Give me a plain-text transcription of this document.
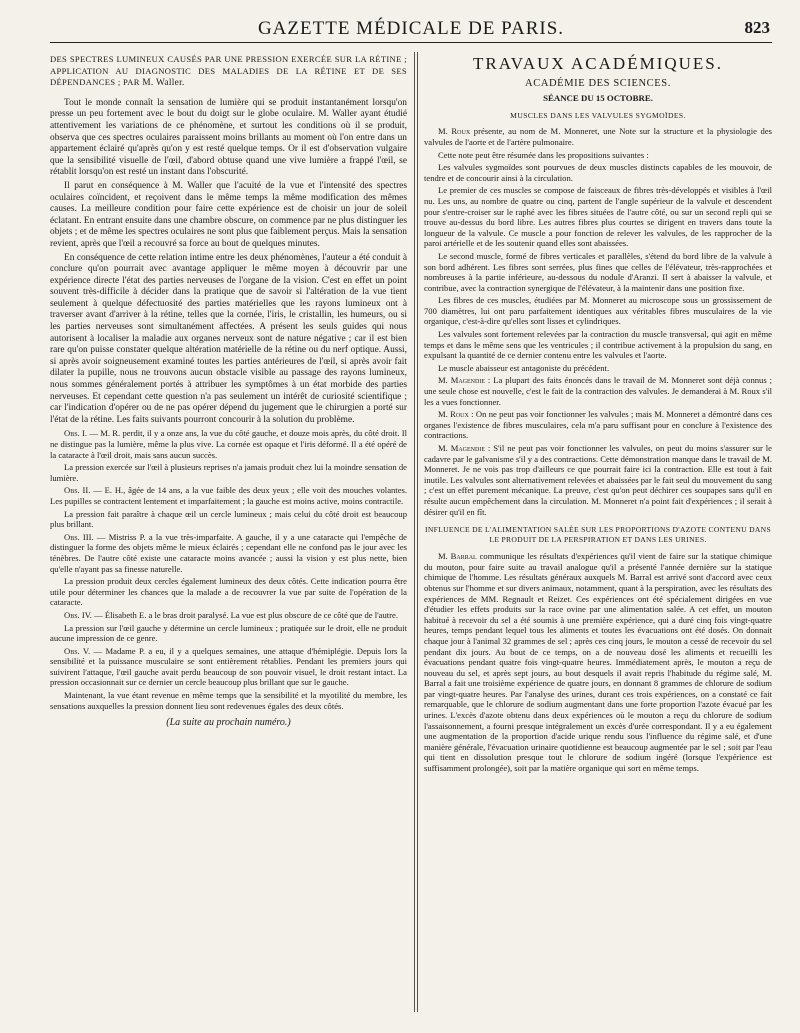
GAZETTE MÉDICALE DE PARIS.	823

DES SPECTRES LUMINEUX CAUSÉS PAR UNE PRESSION EXERCÉE SUR LA RÉTINE ; APPLICATION AU DIAGNOSTIC DES MALADIES DE LA RÉTINE ET DE SES DÉPENDANCES ; PAR M. Waller.

Tout le monde connaît la sensation de lumière qui se produit instantanément lorsqu'on presse un peu fortement avec le bout du doigt sur le globe oculaire. M. Waller ayant étudié attentivement les variations de ce phénomène, et surtout les conditions où il se produit, observa que ces spectres oculaires paraissent moins brillants au moment où l'on entre dans un appartement éclairé qu'après qu'on y est resté quelque temps. Or il est d'observation vulgaire que la sensibilité visuelle de l'œil, d'abord obtuse quand une vive lumière a frappé l'œil, se rétablit lorsqu'on est resté un instant dans l'obscurité.

Il parut en conséquence à M. Waller que l'acuité de la vue et l'intensité des spectres oculaires coïncident, et reçoivent dans le même temps la même modification des mêmes causes. La meilleure condition pour faire cette expérience est de choisir un jour de soleil éclatant. En entrant ensuite dans une chambre obscure, on commence par ne plus distinguer les objets ; et de même les spectres oculaires ne sont plus que faiblement perçus. Mais la sensation revient, après que l'œil a recouvré sa force au bout de quelques minutes.

En conséquence de cette relation intime entre les deux phénomènes, l'auteur a été conduit à conclure qu'on pourrait avec avantage appliquer le même moyen à découvrir par une expérience directe l'état des parties nerveuses de l'organe de la vision. C'est en effet un point souvent très-difficile à décider dans la pratique que de savoir si l'altération de la vue tient seulement à quelque défectuosité des parties matérielles que les rayons lumineux ont à traverser avant d'arriver à la rétine, telles que la cornée, l'iris, le cristallin, les humeurs, ou si les parties nerveuses sont simultanément affectées. A présent les seuls guides qui nous autorisent à localiser la maladie aux organes nerveux sont de nature négative ; car il est bien rare qu'on puisse constater quelque altération matérielle de la rétine ou du nerf optique. Aussi, si après avoir soigneusement examiné toutes les parties antérieures de l'œil, si après avoir fait dilater la pupille, nous ne trouvons aucun obstacle visible au passage des rayons lumineux, nous sommes généralement portés à attribuer les symptômes à un état morbide des parties nerveuses. Et cependant cette question n'a pas seulement un intérêt de curiosité scientifique ; car l'indication d'opérer ou de ne pas opérer dépend du jugement que le chirurgien a porté sur l'état de la rétine. Les faits suivants pourront concourir à la solution du problème.

Obs. I. — M. R. perdit, il y a onze ans, la vue du côté gauche, et douze mois après, du côté droit. Il ne distingue pas la lumière, même la plus vive. La cornée est opaque et l'iris déformé. Il a été opéré de la cataracte à l'œil droit, mais sans aucun succès.

La pression exercée sur l'œil à plusieurs reprises n'a jamais produit chez lui la moindre sensation de lumière.

Obs. II. — E. H., âgée de 14 ans, a la vue faible des deux yeux ; elle voit des mouches volantes. Les pupilles se contractent lentement et imparfaitement ; la gauche est moins active, moins contractile.

La pression fait paraître à chaque œil un cercle lumineux ; mais celui du côté droit est beaucoup plus brillant.

Obs. III. — Mistriss P. a la vue très-imparfaite. A gauche, il y a une cataracte qui l'empêche de distinguer la forme des objets même le mieux éclairés ; cependant elle ne confond pas le jour avec les ténèbres. De l'autre côté existe une cataracte moins avancée ; aussi la vision y est plus nette, bien qu'elle n'ayant pas sa finesse naturelle.

La pression produit deux cercles également lumineux des deux côtés. Cette indication pourra être utile pour déterminer les chances que la malade a de recouvrer la vue par suite de l'opération de la cataracte.

Obs. IV. — Élisabeth E. a le bras droit paralysé. La vue est plus obscure de ce côté que de l'autre.

La pression sur l'œil gauche y détermine un cercle lumineux ; pratiquée sur le droit, elle ne produit aucune impression de ce genre.

Obs. V. — Madame P. a eu, il y a quelques semaines, une attaque d'hémiplégie. Depuis lors la sensibilité et la puissance musculaire se sont entièrement rétablies. Pendant les premiers jours qui suivirent l'attaque, l'œil gauche avait perdu beaucoup de son pouvoir visuel, le droit restant intact. La pression occasionnait sur ce dernier un cercle beaucoup plus brillant que sur le gauche.

Maintenant, la vue étant revenue en même temps que la sensibilité et la myotilité du membre, les sensations auxquelles la pression donnent lieu sont redevenues égales des deux côtés.

(La suite au prochain numéro.)

TRAVAUX ACADÉMIQUES.
ACADÉMIE DES SCIENCES.
SÉANCE DU 15 OCTOBRE.
MUSCLES DANS LES VALVULES SYGMOÏDES.

M. Roux présente, au nom de M. Monneret, une Note sur la structure et la physiologie des valvules de l'aorte et de l'artère pulmonaire.

Cette note peut être résumée dans les propositions suivantes :

Les valvules sygmoïdes sont pourvues de deux muscles distincts capables de les mouvoir, de tendre et de concourir ainsi à la circulation.

Le premier de ces muscles se compose de faisceaux de fibres très-développés et visibles à l'œil nu. Les uns, au nombre de quatre ou cinq, partent de l'angle supérieur de la valvule et descendent pour s'entre-croiser sur le raphé avec les fibres situées de l'autre côté, ou sur un second repli qui se trouve au-dessus du bord libre. Les autres fibres plus courtes se dirigent en travers dans toute la longueur de la valvule. Ce muscle a pour fonction de relever les valvules, de les rapprocher de la paroi artérielle et de les soutenir quand elles sont abaissées.

Le second muscle, formé de fibres verticales et parallèles, s'étend du bord libre de la valvule à son bord adhérent. Les fibres sont serrées, plus fines que celles de l'élévateur, très-rapprochées et nombreuses à la partie inférieure, au-dessous du nodule d'Aranzi. Il sert à abaisser la valvule, et contribue, avec la contraction synergique de l'élévateur, à la maintenir dans une position fixe.

Les fibres de ces muscles, étudiées par M. Monneret au microscope sous un grossissement de 700 diamètres, lui ont paru parfaitement identiques aux véritables fibres musculaires de la vie organique, c'est-à-dire qu'elles sont lisses et cylindriques.

Les valvules sont fortement relevées par la contraction du muscle transversal, qui agit en même temps et dans le même sens que les ventricules ; il contribue activement à la propulsion du sang, en expulsant la quantité de ce dernier contenu entre les valvules et l'aorte.

Le muscle abaisseur est antagoniste du précédent.

M. Magendie : La plupart des faits énoncés dans le travail de M. Monneret sont déjà connus ; une seule chose est nouvelle, c'est le fait de la contraction des valvules. Je demanderai à M. Roux s'il les a vues fonctionner.

M. Roux : On ne peut pas voir fonctionner les valvules ; mais M. Monneret a démontré dans ces organes l'existence de fibres musculaires, cela m'a paru suffisant pour en conclure à l'existence des contractions.

M. Magendie : S'il ne peut pas voir fonctionner les valvules, on peut du moins s'assurer sur le cadavre par le galvanisme s'il y a des contractions. Cette démonstration manque dans le travail de M. Monneret. Je ne vois pas trop d'ailleurs ce que pourrait faire ici la contraction. Elle est tout à fait inutile. Les valvules sont alternativement relevées et abaissées par le fait seul du mouvement du sang ; c'est un effet purement mécanique. La preuve, c'est qu'on peut déchirer ces soupapes sans qu'il en résulte aucun empêchement dans la circulation. M. Monneret n'a point fait d'expériences ; il serait à désirer qu'il en fît.

INFLUENCE DE L'ALIMENTATION SALÉE SUR LES PROPORTIONS D'AZOTE CONTENU DANS LE PRODUIT DE LA PERSPIRATION ET DANS LES URINES.

M. Barral communique les résultats d'expériences qu'il vient de faire sur la statique chimique du mouton, pour faire suite au travail analogue qu'il a présenté l'année dernière sur la statique chimique de l'homme. Les résultats généraux auxquels M. Barral est arrivé sont d'accord avec ceux obtenus sur l'homme et sur divers animaux, notamment, quant à la perspiration, avec les résultats des expériences de MM. Regnault et Reizet. Ces expériences ont été spécialement dirigées en vue d'étudier les effets produits sur la race ovine par une alimentation salée. A cet effet, un mouton habitué à recevoir du sel a été soumis à une première expérience, qui a duré cinq fois vingt-quatre heures, temps pendant lequel tous les aliments et toutes les évacuations ont été dosés. On donnait chaque jour à l'animal 32 grammes de sel ; après ces cinq jours, le mouton a cessé de recevoir du sel pendant dix jours. Au bout de ce temps, on a de nouveau dosé les aliments et recueilli les évacuations pendant quatre fois vingt-quatre heures. Immédiatement après, le mouton a reçu de nouveau du sel, et après sept jours, au bout desquels il avait repris l'habitude du régime salé, M. Barral a fait une troisième expérience de quatre jours, en donnant 8 grammes de chlorure de sodium par vingt-quatre heures. Par l'analyse des urines, durant ces trois expériences, on a constaté ce fait remarquable, que le chlorure de sodium augmentant dans une forte proportion l'azote évacué par les urines. L'excès d'azote obtenu dans deux expériences où le mouton a reçu du chlorure de sodium l'assaisonnement, a fourni presque intégralement un excès d'urée correspondant. Il y a eu également une augmentation de la proportion d'acide urique rendu sous l'influence du régime salé, et d'une manière générale, l'évacuation urinaire quotidienne est beaucoup augmentée par le sel ; soit par l'eau qui tient en dissolution presque tout le chlorure de sodium ingéré (lorsque l'expérience est suffisamment prolongée), soit par la matière organique qui sort en même temps.
